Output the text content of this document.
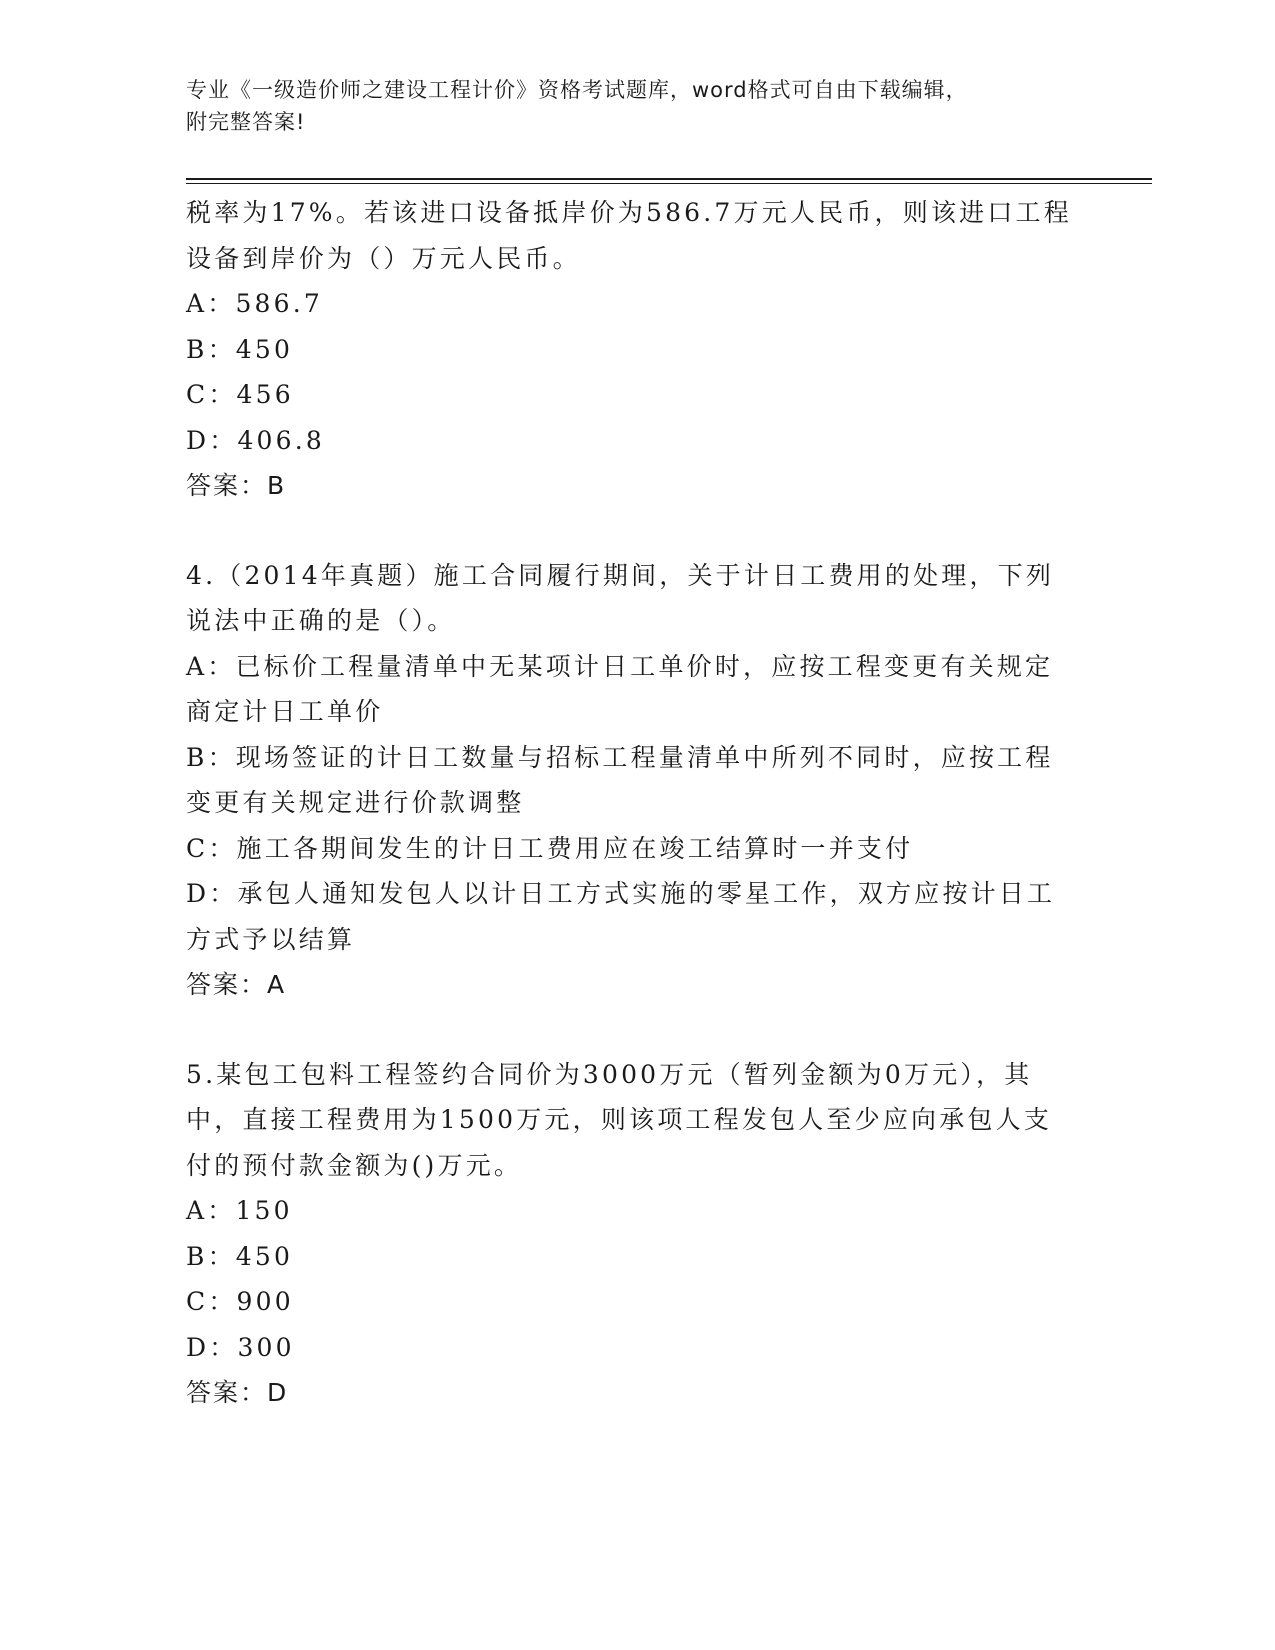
专业《一级造价师之建设工程计价》资格考试题库，word格式可自由下载编辑，
附完整答案!
税率为17%。若该进口设备抵岸价为586.7万元人民币，则该进口工程
设备到岸价为（）万元人民币。
A：586.7
B：450
C：456
D：406.8
答案：B
4.（2014年真题）施工合同履行期间，关于计日工费用的处理，下列
说法中正确的是（）。
A：已标价工程量清单中无某项计日工单价时，应按工程变更有关规定
商定计日工单价
B：现场签证的计日工数量与招标工程量清单中所列不同时，应按工程
变更有关规定进行价款调整
C：施工各期间发生的计日工费用应在竣工结算时一并支付
D：承包人通知发包人以计日工方式实施的零星工作，双方应按计日工
方式予以结算
答案：A
5.某包工包料工程签约合同价为3000万元（暂列金额为0万元），其
中，直接工程费用为1500万元，则该项工程发包人至少应向承包人支
付的预付款金额为()万元。
A：150
B：450
C：900
D：300
答案：D
